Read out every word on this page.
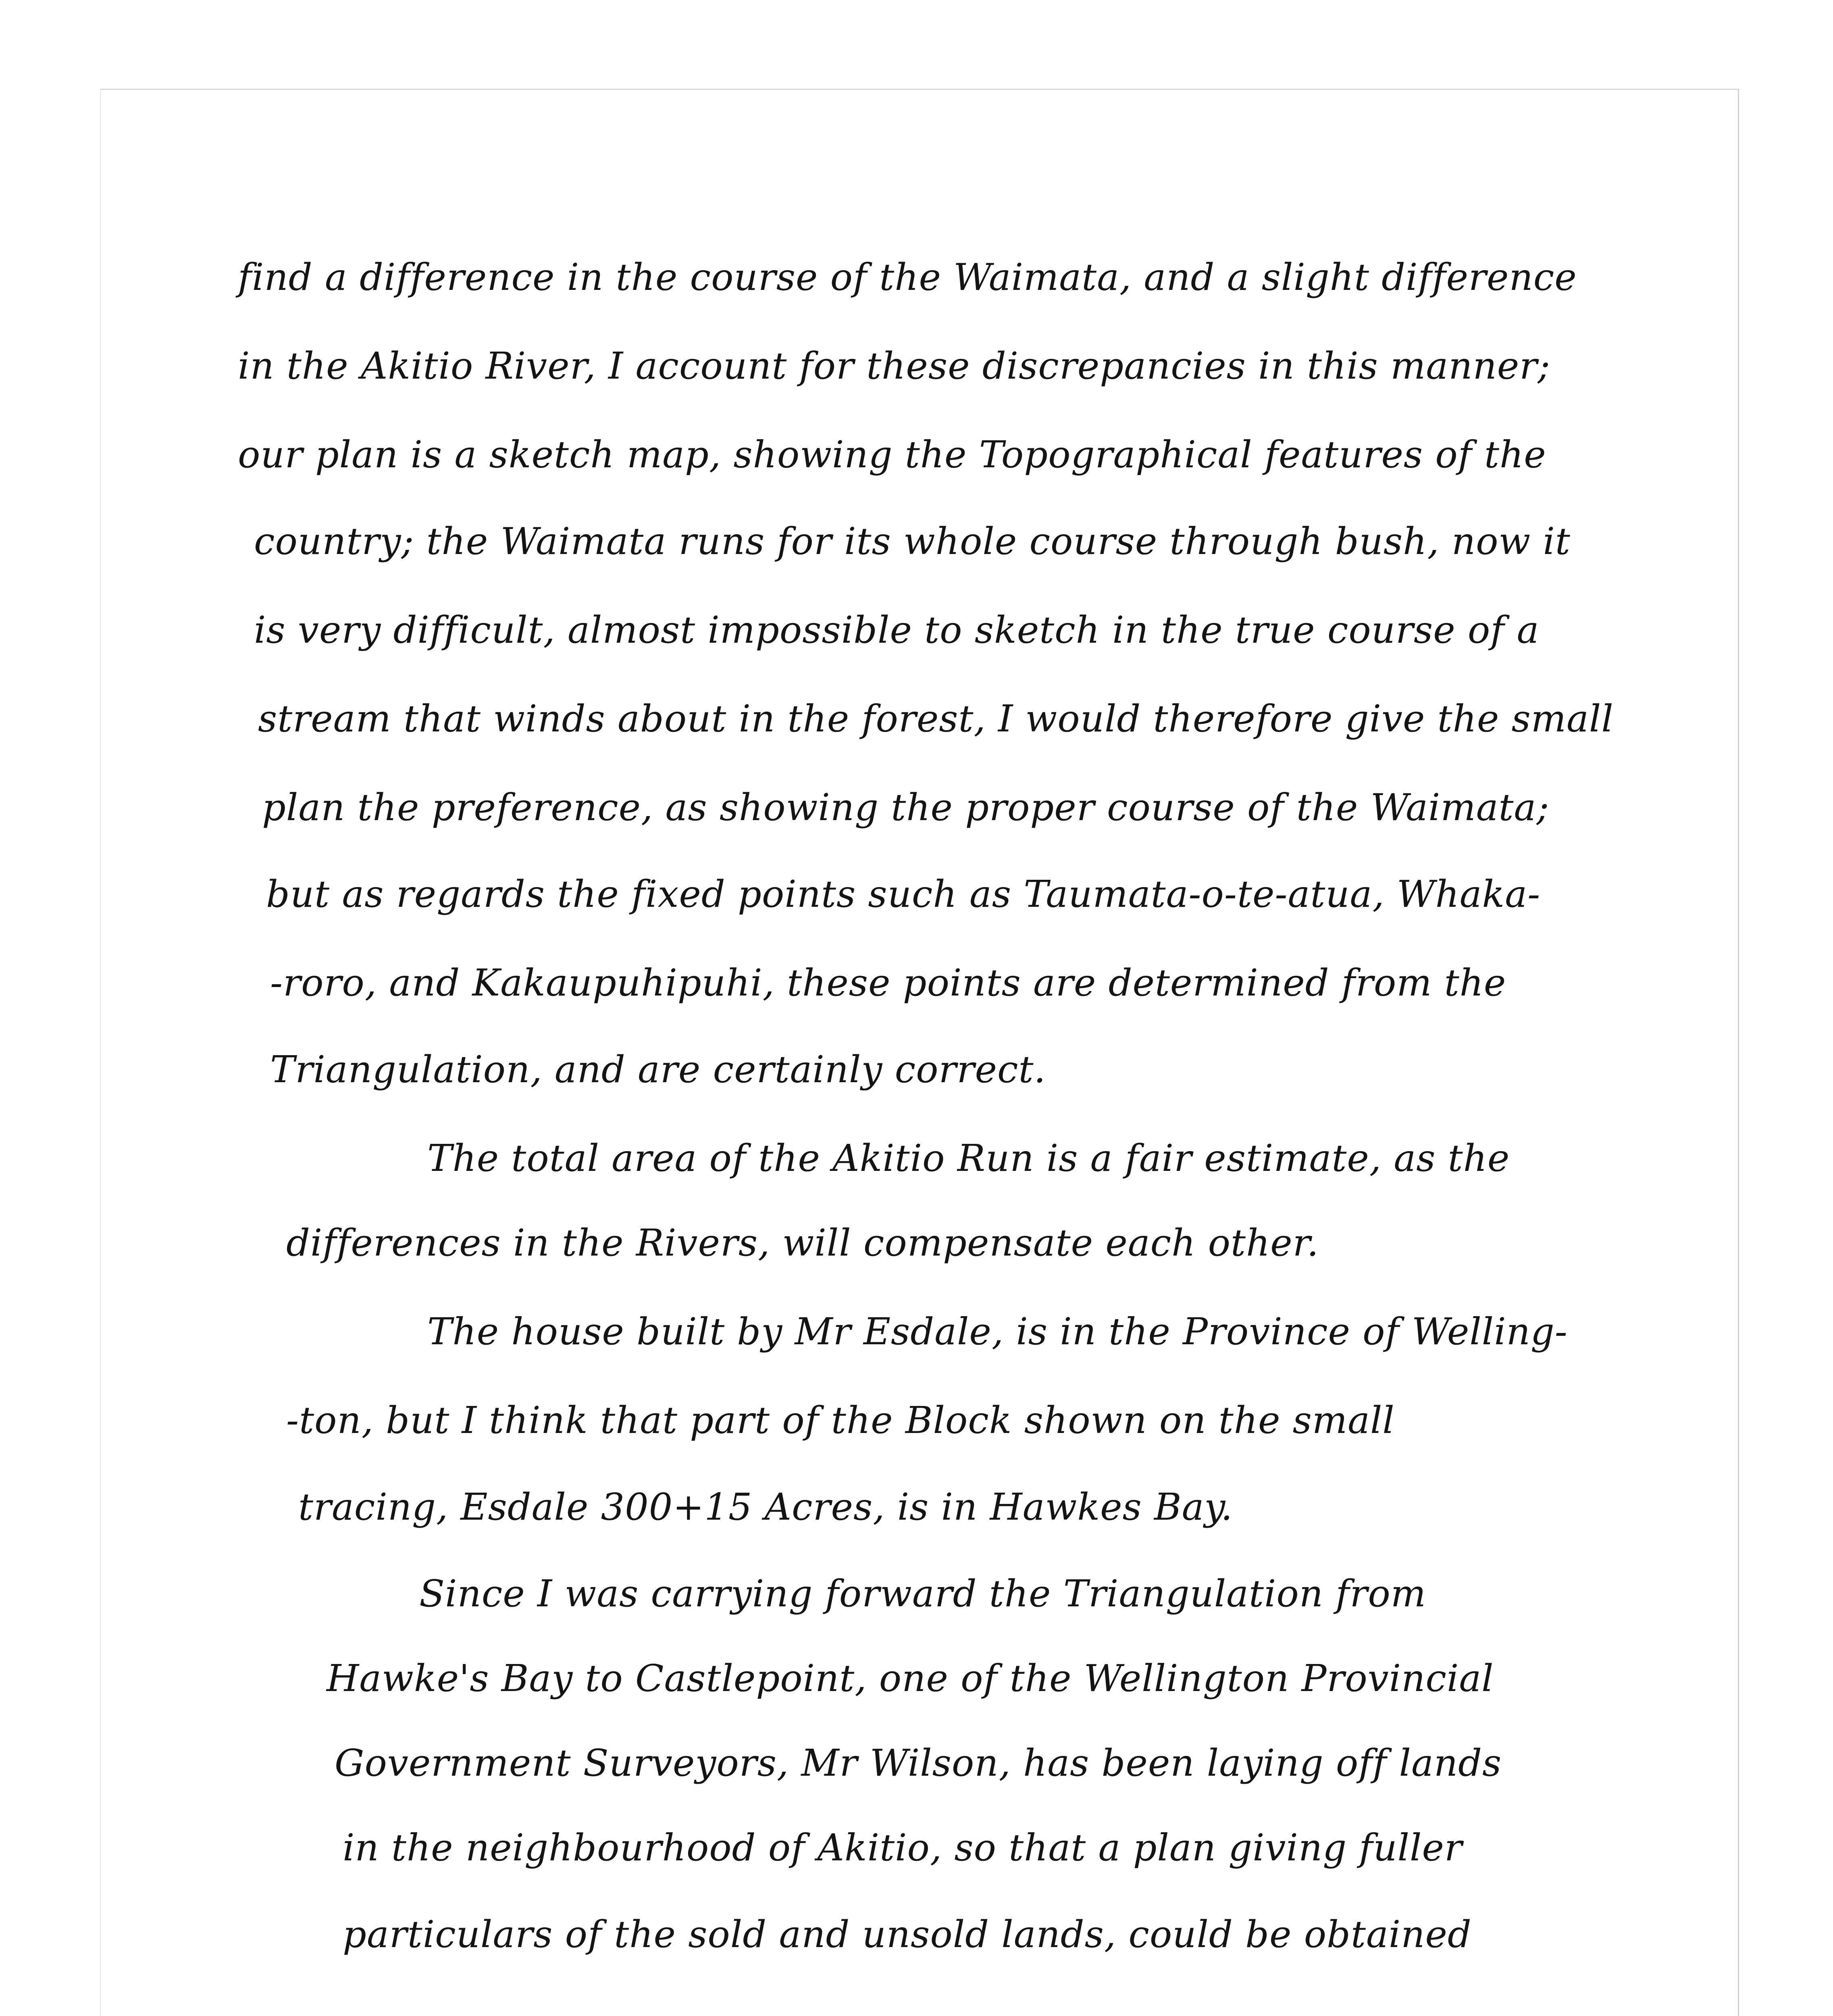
find a difference in the course of the Waimata, and a slight difference

in the Akitio River, I account for these discrepancies in this manner;

our plan is a sketch map, showing the Topographical features of the

country; the Waimata runs for its whole course through bush, now it

is very difficult, almost impossible to sketch in the true course of a

stream that winds about in the forest, I would therefore give the small

plan the preference, as showing the proper course of the Waimata;

but as regards the fixed points such as Taumata-o-te-atua, Whaka-

-roro, and Kakaupuhipuhi, these points are determined from the

Triangulation, and are certainly correct.

The total area of the Akitio Run is a fair estimate, as the

differences in the Rivers, will compensate each other.

The house built by Mr Esdale, is in the Province of Welling-

-ton, but I think that part of the Block shown on the small

tracing, Esdale 300+15 Acres, is in Hawkes Bay.

Since I was carrying forward the Triangulation from

Hawke's Bay to Castlepoint, one of the Wellington Provincial

Government Surveyors, Mr Wilson, has been laying off lands

in the neighbourhood of Akitio, so that a plan giving fuller

particulars of the sold and unsold lands, could be obtained
